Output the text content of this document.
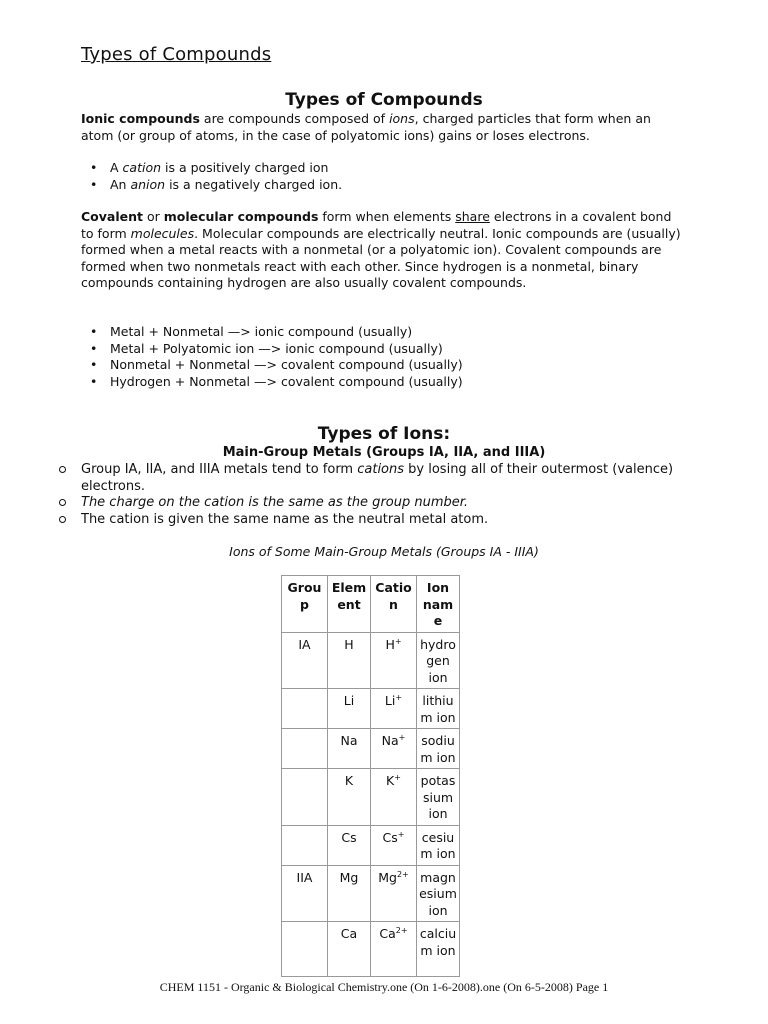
Types of Compounds
Types of Compounds
Ionic compounds are compounds composed of ions, charged particles that form when an atom (or group of atoms, in the case of polyatomic ions) gains or loses electrons.
• A cation is a positively charged ion
• An anion is a negatively charged ion.
Covalent or molecular compounds form when elements share electrons in a covalent bond to form molecules. Molecular compounds are electrically neutral. Ionic compounds are (usually) formed when a metal reacts with a nonmetal (or a polyatomic ion). Covalent compounds are formed when two nonmetals react with each other. Since hydrogen is a nonmetal, binary compounds containing hydrogen are also usually covalent compounds.
• Metal + Nonmetal —> ionic compound (usually)
• Metal + Polyatomic ion —> ionic compound (usually)
• Nonmetal + Nonmetal —> covalent compound (usually)
• Hydrogen + Nonmetal —> covalent compound (usually)
Types of Ions:
Main-Group Metals (Groups IA, IIA, and IIIA)
Group IA, IIA, and IIIA metals tend to form cations by losing all of their outermost (valence) electrons.
The charge on the cation is the same as the group number.
The cation is given the same name as the neutral metal atom.
Ions of Some Main-Group Metals (Groups IA - IIIA)
Grou p	Elem ent	Catio n	Ion nam e
IA	H	H+	hydro gen ion
	Li	Li+	lithiu m ion
	Na	Na+	sodiu m ion
	K	K+	potas sium ion
	Cs	Cs+	cesiu m ion
IIA	Mg	$Mg^{2+}$	magn esium ion
	Ca	$Ca^{2+}$	calciu m ion
CHEM 1151 - Organic & Biological Chemistry.one (On 1-6-2008).one (On 6-5-2008) Page 1
